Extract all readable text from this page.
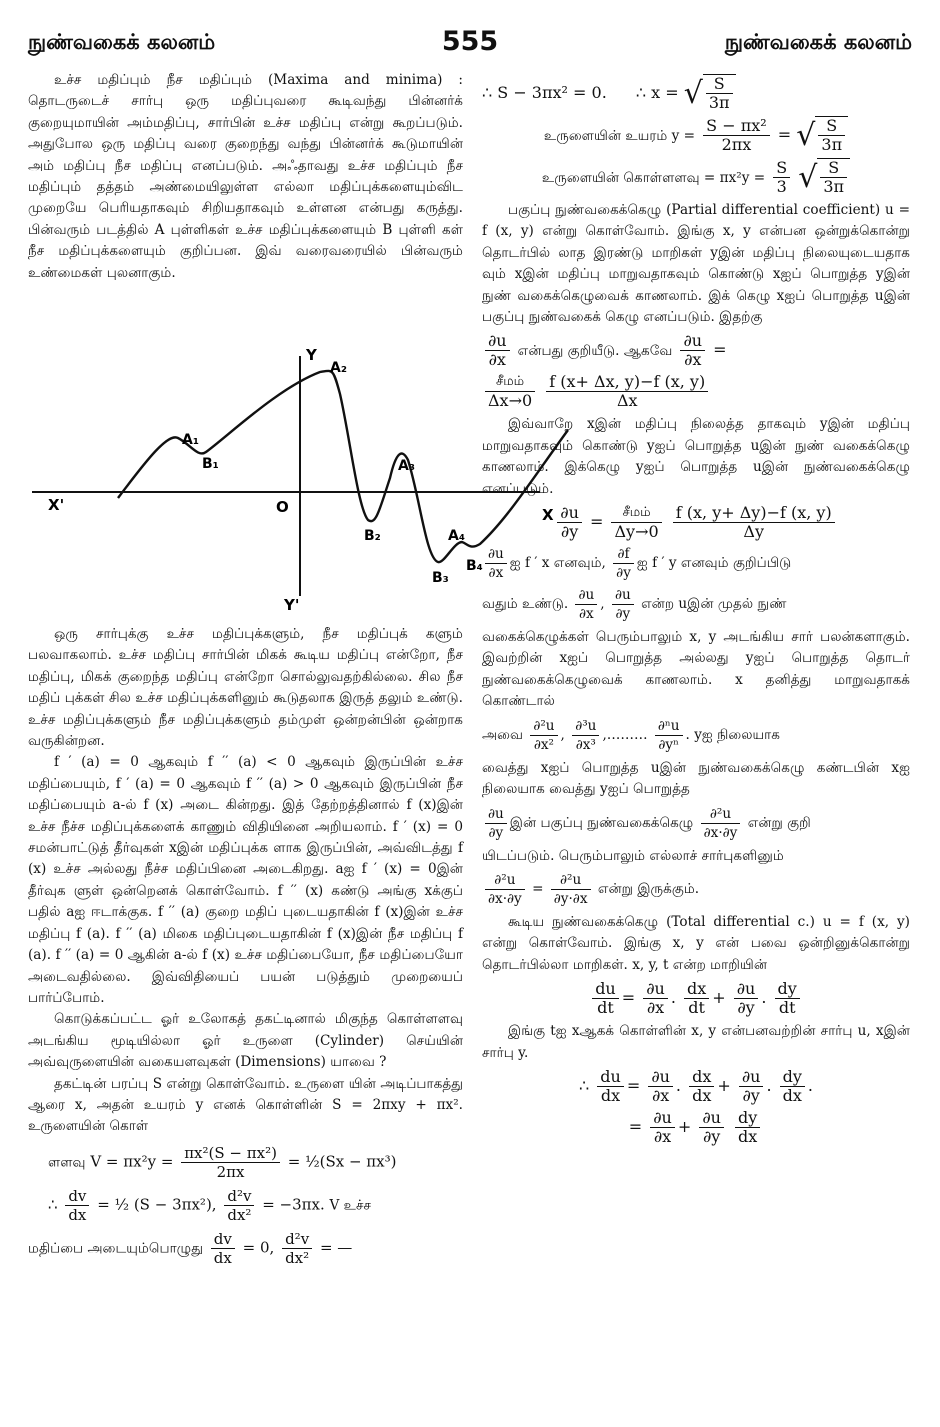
நுண்வகைக் கலனம்	555	நுண்வகைக் கலனம்

உச்ச மதிப்பும் நீச மதிப்பும் (Maxima and minima) : தொடருடைச் சார்பு ஒரு மதிப்புவரை கூடிவந்து பின்னர்க் குறையுமாயின் அம்மதிப்பு, சார்பின் உச்ச மதிப்பு என்று கூறப்படும். அதுபோல ஒரு மதிப்பு வரை குறைந்து வந்து பின்னர்க் கூடுமாயின் அம் மதிப்பு நீச மதிப்பு எனப்படும். அஃதாவது உச்ச மதிப்பும் நீச மதிப்பும் தத்தம் அண்மையிலுள்ள எல்லா மதிப்புக்களையும்விட முறையே பெரியதாகவும் சிறியதாகவும் உள்ளன என்பது கருத்து. பின்வரும் படத்தில் A புள்ளிகள் உச்ச மதிப்புக்களையும் B புள்ளி கள் நீச மதிப்புக்களையும் குறிப்பன. இவ் வரைவரையில் பின்வரும் உண்மைகள் புலனாகும்.

Y
Y'
X
X'	O
A₁
A₂
A₃
A₄
B₁
B₂
B₃
B₄

ஒரு சார்புக்கு உச்ச மதிப்புக்களும், நீச மதிப்புக் களும் பலவாகலாம். உச்ச மதிப்பு சார்பின் மிகக் கூடிய மதிப்பு என்றோ, நீச மதிப்பு, மிகக் குறைந்த மதிப்பு என்றோ சொல்லுவதற்கில்லை. சில நீச மதிப் புக்கள் சில உச்ச மதிப்புக்களினும் கூடுதலாக இருத் தலும் உண்டு. உச்ச மதிப்புக்களும் நீச மதிப்புக்களும் தம்முள் ஒன்றன்பின் ஒன்றாக வருகின்றன.

f ′ (a) = 0 ஆகவும் f ′′ (a) < 0 ஆகவும் இருப்பின் உச்ச மதிப்பையும், f ′ (a) = 0 ஆகவும் f ′′ (a) > 0 ஆகவும் இருப்பின் நீச மதிப்பையும் a-ல் f (x) அடை கின்றது. இத் தேற்றத்தினால் f (x)இன் உச்ச நீச்ச மதிப்புக்களைக் காணும் விதியினை அறியலாம். f ′ (x) = 0 சமன்பாட்டுத் தீர்வுகள் xஇன் மதிப்புக்க ளாக இருப்பின், அவ்விடத்து f (x) உச்ச அல்லது நீச்ச மதிப்பினை அடைகிறது. aஐ f ′ (x) = 0இன் தீர்வுக ளுள் ஒன்றெனக் கொள்வோம். f ′′ (x) கண்டு அங்கு xக்குப் பதில் aஐ ஈடாக்குக. f ′′ (a) குறை மதிப் புடையதாகின் f (x)இன் உச்ச மதிப்பு f (a). f ′′ (a) மிகை மதிப்புடையதாகின் f (x)இன் நீச மதிப்பு f (a). f ′′ (a) = 0 ஆகின் a-ல் f (x) உச்ச மதிப்பையோ, நீச மதிப்பையோ அடைவதில்லை. இவ்விதியைப் பயன் படுத்தும் முறையைப் பார்ப்போம்.

கொடுக்கப்பட்ட ஓர் உலோகத் தகட்டினால் மிகுந்த கொள்ளளவு அடங்கிய மூடியில்லா ஓர் உருளை (Cylinder) செய்யின் அவ்வுருளையின் வகையளவுகள் (Dimensions) யாவை ?

தகட்டின் பரப்பு S என்று கொள்வோம். உருளை யின் அடிப்பாகத்து ஆரை x, அதன் உயரம் y எனக் கொள்ளின் S = 2πxy + πx². உருளையின் கொள்

ளளவு $V = \pi x^2y = \frac{\text{πx²(S − πx²)}}{2\pi x}$ = ½(Sx − πx³)
∴ $\frac{dv}{dx}$ = ½ (S − 3πx²), $\frac{\text{d²v}}{\text{dx²}} = -3\pi x$. V உச்ச
மதிப்பை அடையும்பொழுது $\frac{dv}{dx} = 0$, $\frac{\text{d²v}}{\text{dx²}}$ = —
∴ S − 3πx² = 0. ∴ x = √ $\frac{S}{3\pi}$
உருளையின் உயரம் $y = \frac{\text{S − πx²}}{2\pi x}$ = √ $\frac{S}{3\pi}$
உருளையின் கொள்ளளவு = $\pi x^2y = \frac{S}{3}$ √ $\frac{S}{3\pi}$

பகுப்பு நுண்வகைக்கெழு (Partial differential coefficient) u = f (x, y) என்று கொள்வோம். இங்கு x, y என்பன ஒன்றுக்கொன்று தொடர்பில் லாத இரண்டு மாறிகள் yஇன் மதிப்பு நிலையுடையதாக வும் xஇன் மதிப்பு மாறுவதாகவும் கொண்டு xஐப் பொறுத்த yஇன் நுண் வகைக்கெழுவைக் காணலாம். இக் கெழு xஐப் பொறுத்த uஇன் பகுப்பு நுண்வகைக் கெழு எனப்படும். இதற்கு

$\frac{\partial u}{\partial x}$ என்பது குறியீடு. ஆகவே $\frac{\partial u}{\partial x}$ =
$\frac{\text{சீமம்}}{\Delta x\to 0}$
$\frac{f (x+ \Delta x, y)-f (x, y)}{\Delta x}$

இவ்வாறே xஇன் மதிப்பு நிலைத்த தாகவும் yஇன் மதிப்பு மாறுவதாகவும் கொண்டு yஐப் பொறுத்த uஇன் நுண் வகைக்கெழு காணலாம். இக்கெழு yஐப் பொறுத்த uஇன் நுண்வகைக்கெழு எனப்படும்.

$\frac{\partial u}{\partial y} = \frac{\text{சீமம்}}{\Delta y\to 0}$
$\frac{f (x, y+ \Delta y)-f (x, y)}{\Delta y}$
$\frac{\partial u}{\partial x}$ ஐ f ′ x எனவும், $\frac{\partial f}{\partial y}$ ஐ f ′ y எனவும் குறிப்பிடு
வதும் உண்டு. $\frac{\partial u}{\partial x}$ , $\frac{\partial u}{\partial y}$ என்ற uஇன் முதல் நுண்

வகைக்கெழுக்கள் பெரும்பாலும் x, y அடங்கிய சார் பலன்களாகும். இவற்றின் xஐப் பொறுத்த அல்லது yஐப் பொறுத்த தொடர் நுண்வகைக்கெழுவைக் காணலாம். x தனித்து மாறுவதாகக் கொண்டால்

அவை $\frac{\text{∂²u}}{\text{∂x²}}$ , $\frac{\text{∂³u}}{\text{∂x³}}$ ,……… $\frac{\text{∂ⁿu}}{\text{∂yⁿ}}$ . yஐ நிலையாக

வைத்து xஐப் பொறுத்த uஇன் நுண்வகைக்கெழு கண்டபின் xஐ நிலையாக வைத்து yஐப் பொறுத்த

$\frac{\partial u}{\partial y}$ இன் பகுப்பு நுண்வகைக்கெழு $\frac{\text{∂²u}}{\partial x\cdot\partial y}$ என்று குறி

யிடப்படும். பெரும்பாலும் எல்லாச் சார்புகளினும்

$\frac{\text{∂²u}}{\partial x\cdot\partial y} = \frac{\text{∂²u}}{\partial y\cdot\partial x}$ என்று இருக்கும்.

கூடிய நுண்வகைக்கெழு (Total differential c.) u = f (x, y) என்று கொள்வோம். இங்கு x, y என் பவை ஒன்றினுக்கொன்று தொடர்பில்லா மாறிகள். x, y, t என்ற மாறியின்

$\frac{du}{dt} = \frac{\partial u}{\partial x}$ . $\frac{dx}{dt} + \frac{\partial u}{\partial y}$ . $\frac{dy}{dt}$

இங்கு tஐ xஆகக் கொள்ளின் x, y என்பனவற்றின் சார்பு u, xஇன் சார்பு y.

∴ $\frac{du}{dx} = \frac{\partial u}{\partial x}$ . $\frac{dx}{dx} + \frac{\partial u}{\partial y}$ . $\frac{dy}{dx}$ .
= $\frac{\partial u}{\partial x} + \frac{\partial u}{\partial y}$
$\frac{dy}{dx}$
